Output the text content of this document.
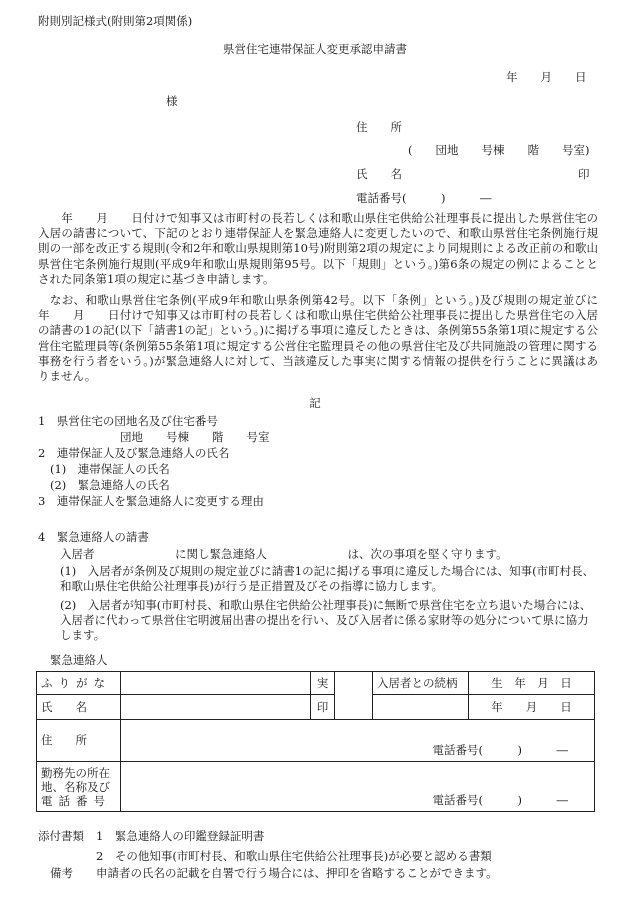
附則別記様式(附則第2項関係)
県営住宅連帯保証人変更承認申請書
年　　月　　日
様
住　　所
(　　団地　　号棟　　階　　号室)
氏　　名	印
電話番号(　　　)　　　―
　　年　　月　　日付けで知事又は市町村の長若しくは和歌山県住宅供給公社理事長に提出した県営住宅の入居の請書について、下記のとおり連帯保証人を緊急連絡人に変更したいので、和歌山県営住宅条例施行規則の一部を改正する規則(令和2年和歌山県規則第10号)附則第2項の規定により同規則による改正前の和歌山県営住宅条例施行規則(平成9年和歌山県規則第95号。以下「規則」という。)第6条の規定の例によることとされた同条第1項の規定に基づき申請します。
　なお、和歌山県営住宅条例(平成9年和歌山県条例第42号。以下「条例」という。)及び規則の規定並びに　　年　　月　　日付けで知事又は市町村の長若しくは和歌山県住宅供給公社理事長に提出した県営住宅の入居の請書の1の記(以下「請書1の記」という。)に掲げる事項に違反したときは、条例第55条第1項に規定する公営住宅監理員等(条例第55条第1項に規定する公営住宅監理員その他の県営住宅及び共同施設の管理に関する事務を行う者をいう。)が緊急連絡人に対して、当該違反した事実に関する情報の提供を行うことに異議はありません。
記
1　県営住宅の団地名及び住宅番号
団地　　号棟　　階　　号室
2　連帯保証人及び緊急連絡人の氏名
(1)　連帯保証人の氏名
(2)　緊急連絡人の氏名
3　連帯保証人を緊急連絡人に変更する理由
4　緊急連絡人の請書
入居者　　　　　　　に関し緊急連絡人　　　　　　　は、次の事項を堅く守ります。
(1)　入居者が条例及び規則の規定並びに請書1の記に掲げる事項に違反した場合には、知事(市町村長、和歌山県住宅供給公社理事長)が行う是正措置及びその指導に協力します。
(2)　入居者が知事(市町村長、和歌山県住宅供給公社理事長)に無断で県営住宅を立ち退いた場合には、入居者に代わって県営住宅明渡届出書の提出を行い、及び入居者に係る家財等の処分について県に協力します。
緊急連絡人
ふりがな		実		入居者との続柄	生　年　月　日
氏　　名		印			年　　月　　日
住　　所	電話番号(　　　)　　　―				

勤務先の所在
地、名称及び
電話番号	電話番号(　　　)　　　―				
添付書類 1　緊急連絡人の印鑑登録証明書
2　その他知事(市町村長、和歌山県住宅供給公社理事長)が必要と認める書類
備考 申請者の氏名の記載を自署で行う場合には、押印を省略することができます。
